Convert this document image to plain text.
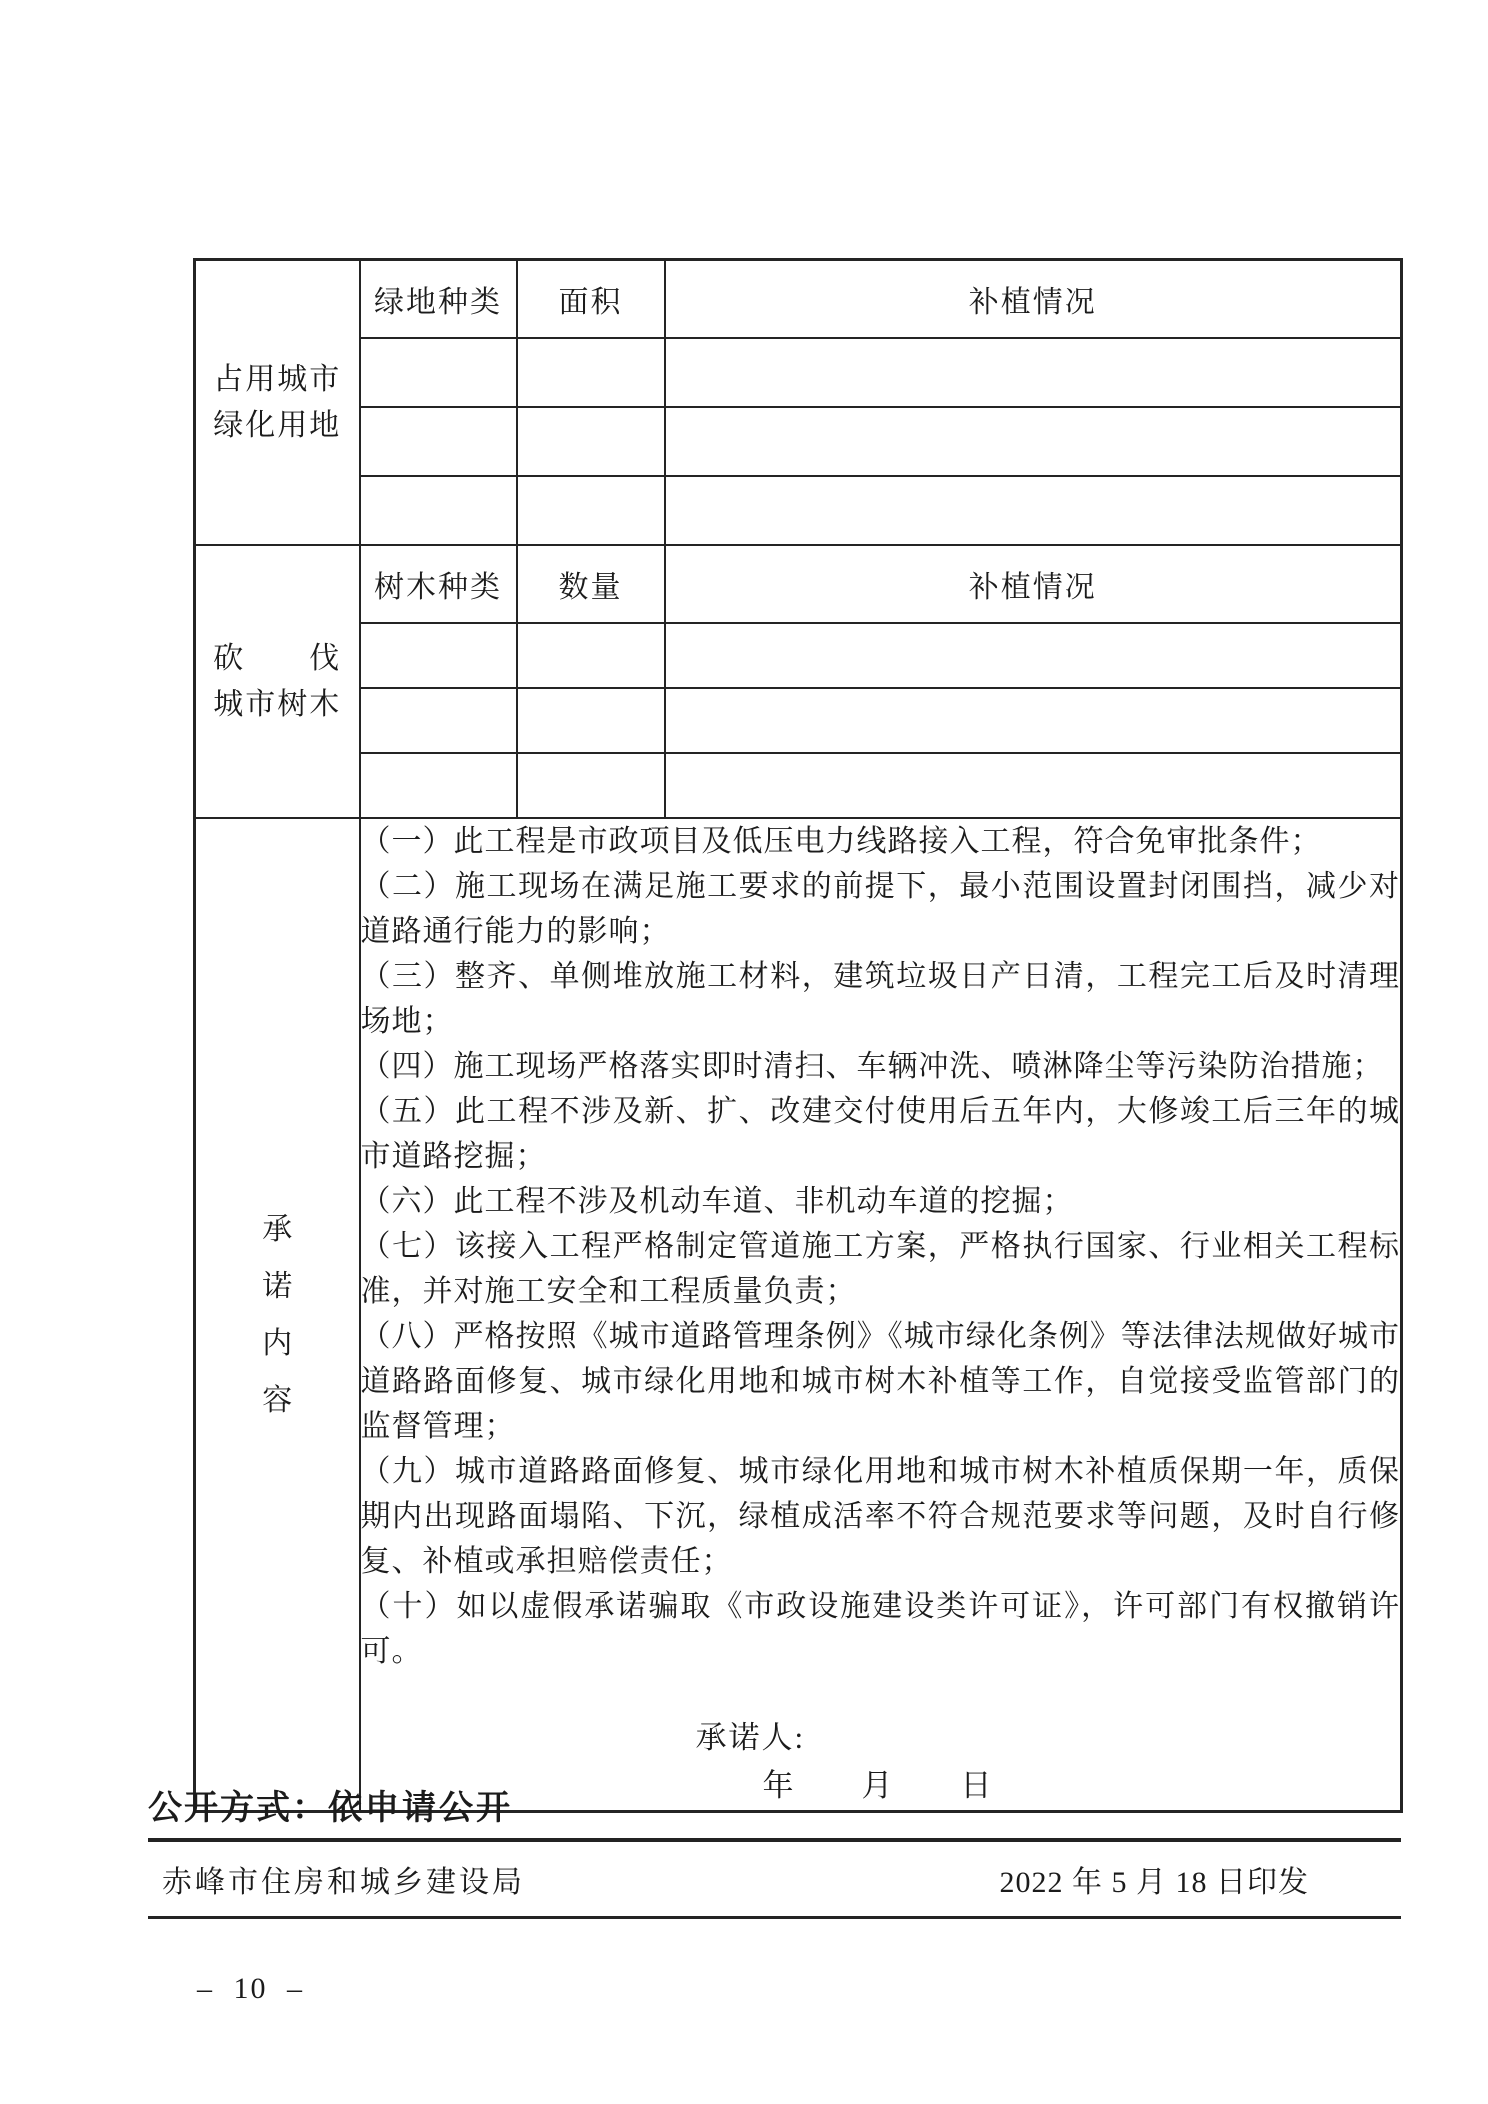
占用城市
绿化用地	绿地种类	面积	补植情况

砍　　伐
城市树木	树木种类	数量	补植情况

承诺内容

（一）此工程是市政项目及低压电力线路接入工程，符合免审批条件；
（二）施工现场在满足施工要求的前提下，最小范围设置封闭围挡，减少对道路通行能力的影响；
（三）整齐、单侧堆放施工材料，建筑垃圾日产日清，工程完工后及时清理场地；
（四）施工现场严格落实即时清扫、车辆冲洗、喷淋降尘等污染防治措施；
（五）此工程不涉及新、扩、改建交付使用后五年内，大修竣工后三年的城市道路挖掘；
（六）此工程不涉及机动车道、非机动车道的挖掘；
（七）该接入工程严格制定管道施工方案，严格执行国家、行业相关工程标准，并对施工安全和工程质量负责；
（八）严格按照《城市道路管理条例》《城市绿化条例》等法律法规做好城市道路路面修复、城市绿化用地和城市树木补植等工作，自觉接受监管部门的监督管理；
（九）城市道路路面修复、城市绿化用地和城市树木补植质保期一年，质保期内出现路面塌陷、下沉，绿植成活率不符合规范要求等问题，及时自行修复、补植或承担赔偿责任；
（十）如以虚假承诺骗取《市政设施建设类许可证》，许可部门有权撤销许可。
承诺人:
年　　月　　日
公开方式：依申请公开
赤峰市住房和城乡建设局	2022 年 5 月 18 日印发
– 10 –
